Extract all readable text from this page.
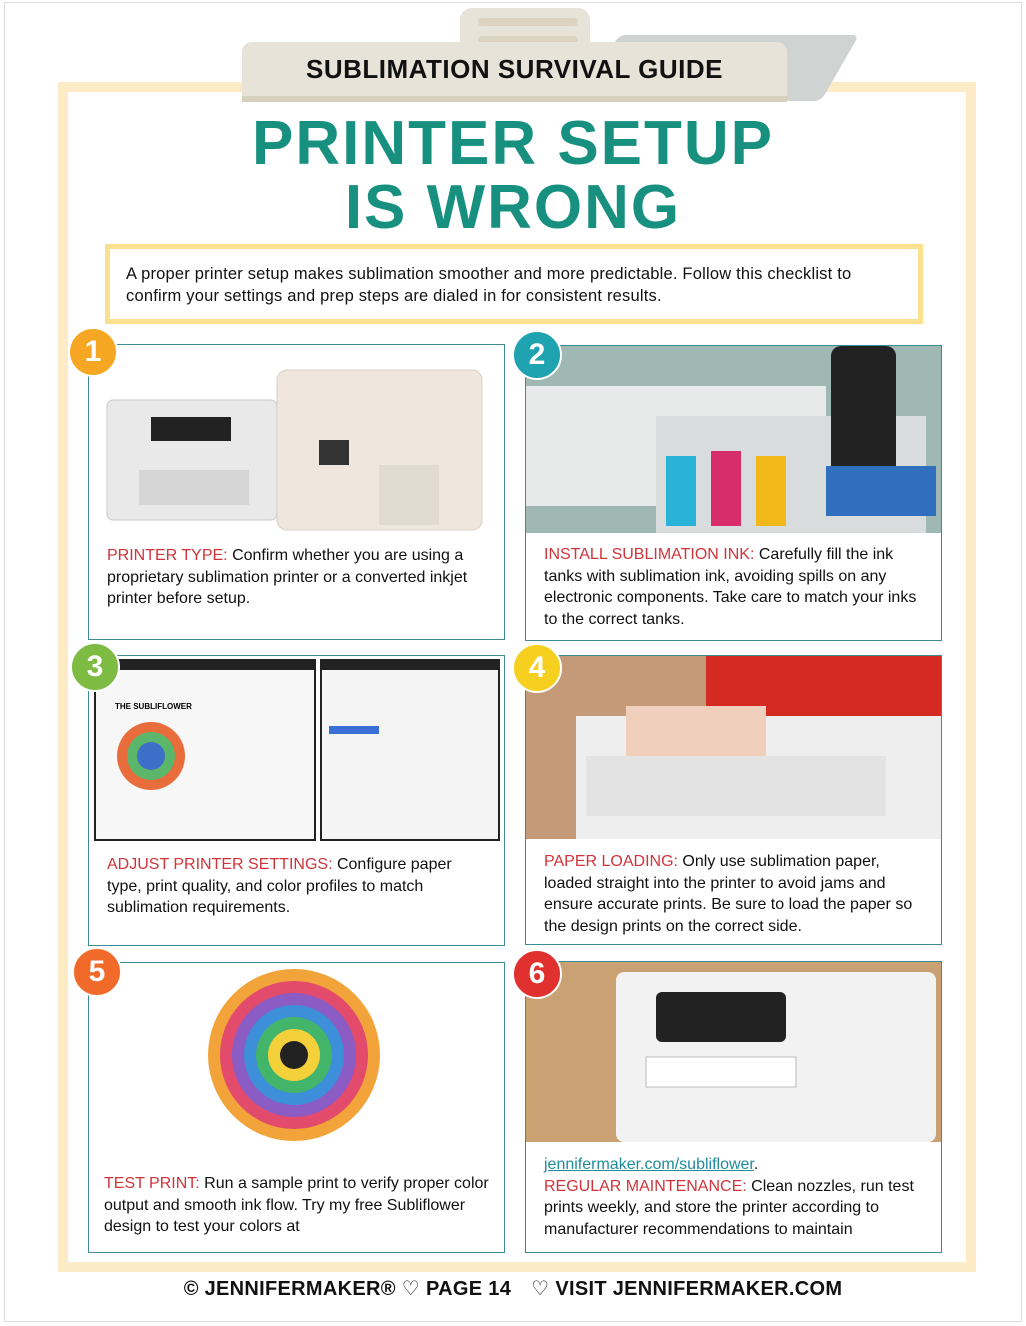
SUBLIMATION SURVIVAL GUIDE
PRINTER SETUP
IS WRONG
A proper printer setup makes sublimation smoother and more predictable. Follow this checklist to confirm your settings and prep steps are dialed in for consistent results.
PRINTER TYPE: Confirm whether you are using a proprietary sublimation printer or a converted inkjet printer before setup.
1
INSTALL SUBLIMATION INK: Carefully fill the ink tanks with sublimation ink, avoiding spills on any electronic components. Take care to match your inks to the correct tanks.
2
THE SUBLIFLOWER
ADJUST PRINTER SETTINGS: Configure paper type, print quality, and color profiles to match sublimation requirements.
3
PAPER LOADING: Only use sublimation paper, loaded straight into the printer to avoid jams and ensure accurate prints. Be sure to load the paper so the design prints on the correct side.
4
TEST PRINT: Run a sample print to verify proper color output and smooth ink flow. Try my free Subliflower design to test your colors at
5
jennifermaker.com/subliflower.
REGULAR MAINTENANCE: Clean nozzles, run test prints weekly, and store the printer according to manufacturer recommendations to maintain
6
© JENNIFERMAKER® ♡ PAGE 14 ♡ VISIT JENNIFERMAKER.COM
